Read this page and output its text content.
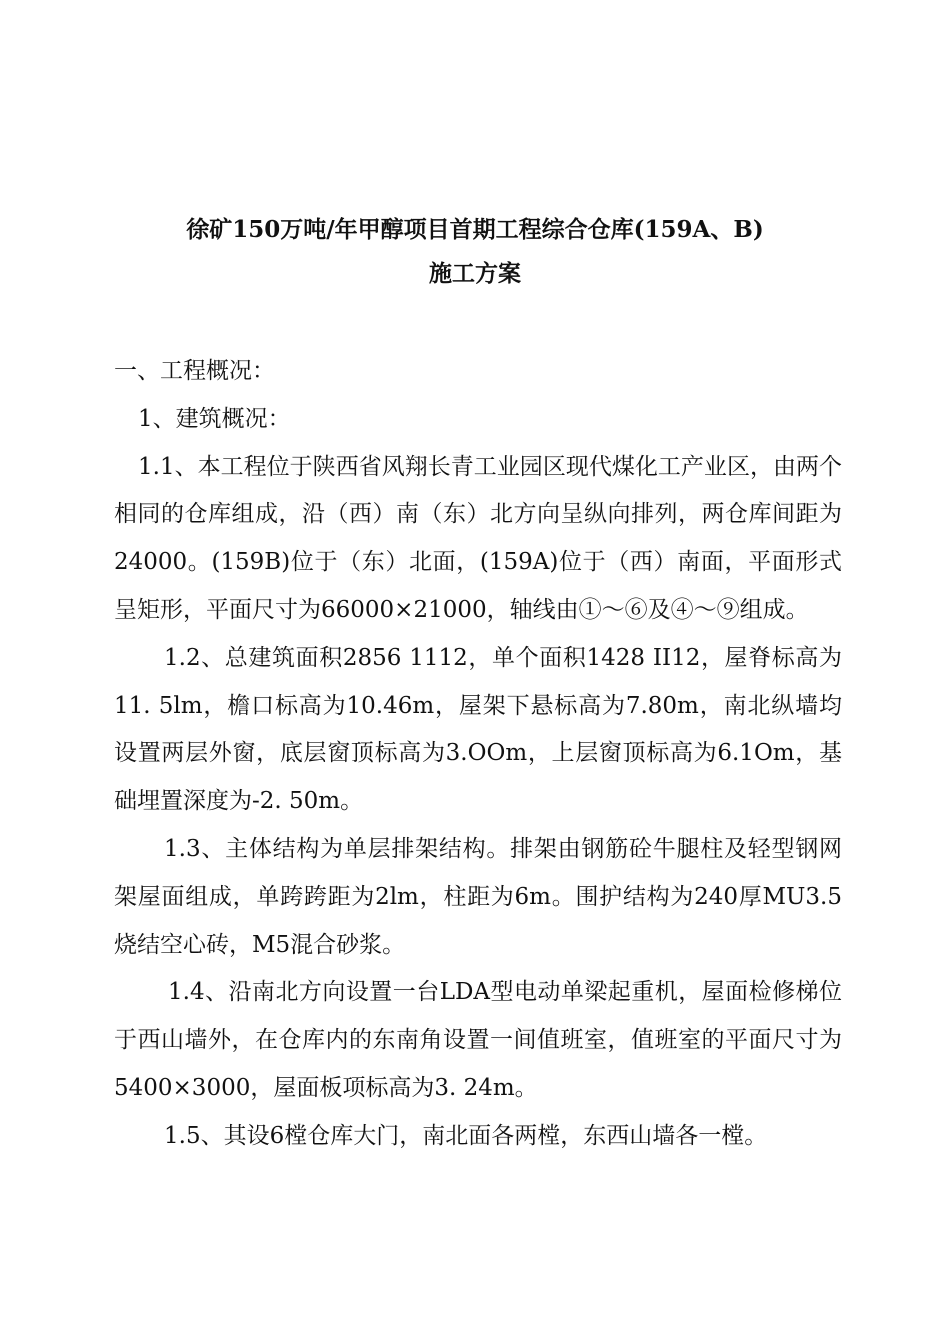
徐矿150万吨/年甲醇项目首期工程综合仓库(159A、B)
施工方案
一、工程概况：
1、建筑概况：
1.1、本工程位于陕西省风翔长青工业园区现代煤化工产业区，由两个相同的仓库组成，沿（西）南（东）北方向呈纵向排列，两仓库间距为24000。(159B)位于（东）北面，(159A)位于（西）南面，平面形式呈矩形，平面尺寸为66000×21000，轴线由①～⑥及④～⑨组成。
1.2、总建筑面积2856 1112，单个面积1428 II12，屋脊标高为11. 5lm，檐口标高为10.46m，屋架下悬标高为7.80m，南北纵墙均设置两层外窗，底层窗顶标高为3.OOm，上层窗顶标高为6.1Om，基础埋置深度为-2. 50m。
1.3、主体结构为单层排架结构。排架由钢筋砼牛腿柱及轻型钢网架屋面组成，单跨跨距为2lm，柱距为6m。围护结构为240厚MU3.5烧结空心砖，M5混合砂浆。
1.4、沿南北方向设置一台LDA型电动单梁起重机，屋面检修梯位于西山墙外，在仓库内的东南角设置一间值班室，值班室的平面尺寸为5400×3000，屋面板项标高为3. 24m。
1.5、其设6樘仓库大门，南北面各两樘，东西山墙各一樘。
